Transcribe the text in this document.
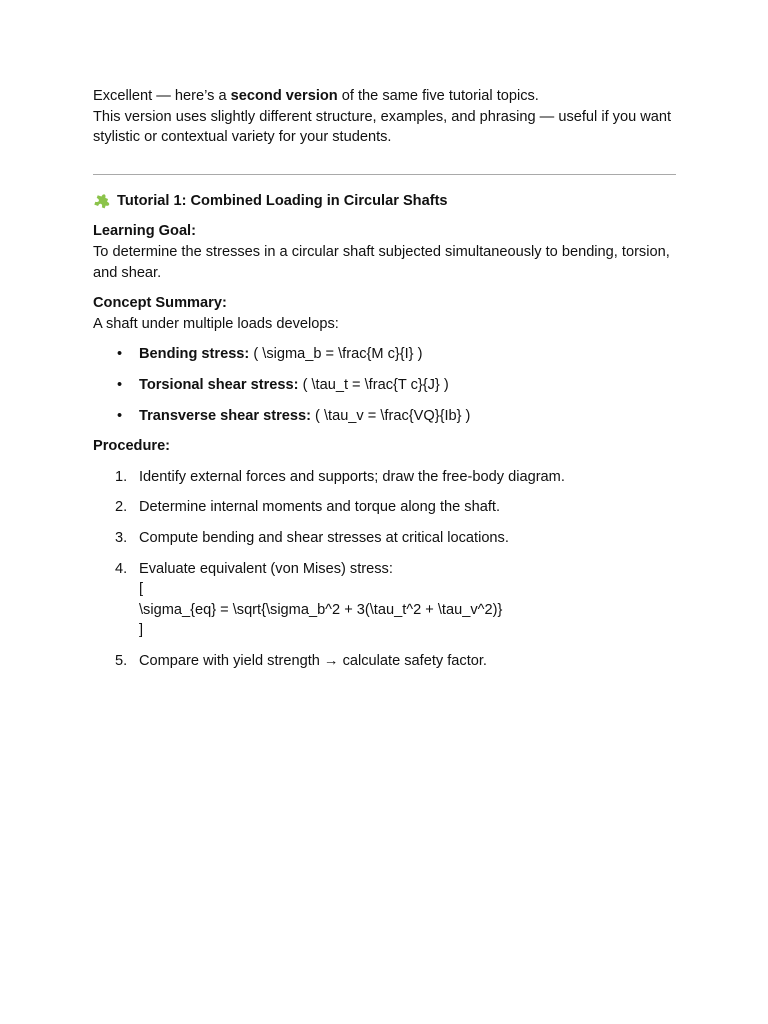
Excellent — here’s a second version of the same five tutorial topics.

This version uses slightly different structure, examples, and phrasing — useful if you want stylistic or contextual variety for your students.

Tutorial 1: Combined Loading in Circular Shafts

Learning Goal:

To determine the stresses in a circular shaft subjected simultaneously to bending, torsion, and shear.

Concept Summary:

A shaft under multiple loads develops:

• Bending stress: ( \sigma_b = \frac{M c}{I} )
• Torsional shear stress: ( \tau_t = \frac{T c}{J} )
• Transverse shear stress: ( \tau_v = \frac{VQ}{Ib} )

Procedure:

1. Identify external forces and supports; draw the free-body diagram.
2. Determine internal moments and torque along the shaft.
3. Compute bending and shear stresses at critical locations.
4. Evaluate equivalent (von Mises) stress:
[
\sigma_{eq} = \sqrt{\sigma_b^2 + 3(\tau_t^2 + \tau_v^2)}
]
5. Compare with yield strength → calculate safety factor.
